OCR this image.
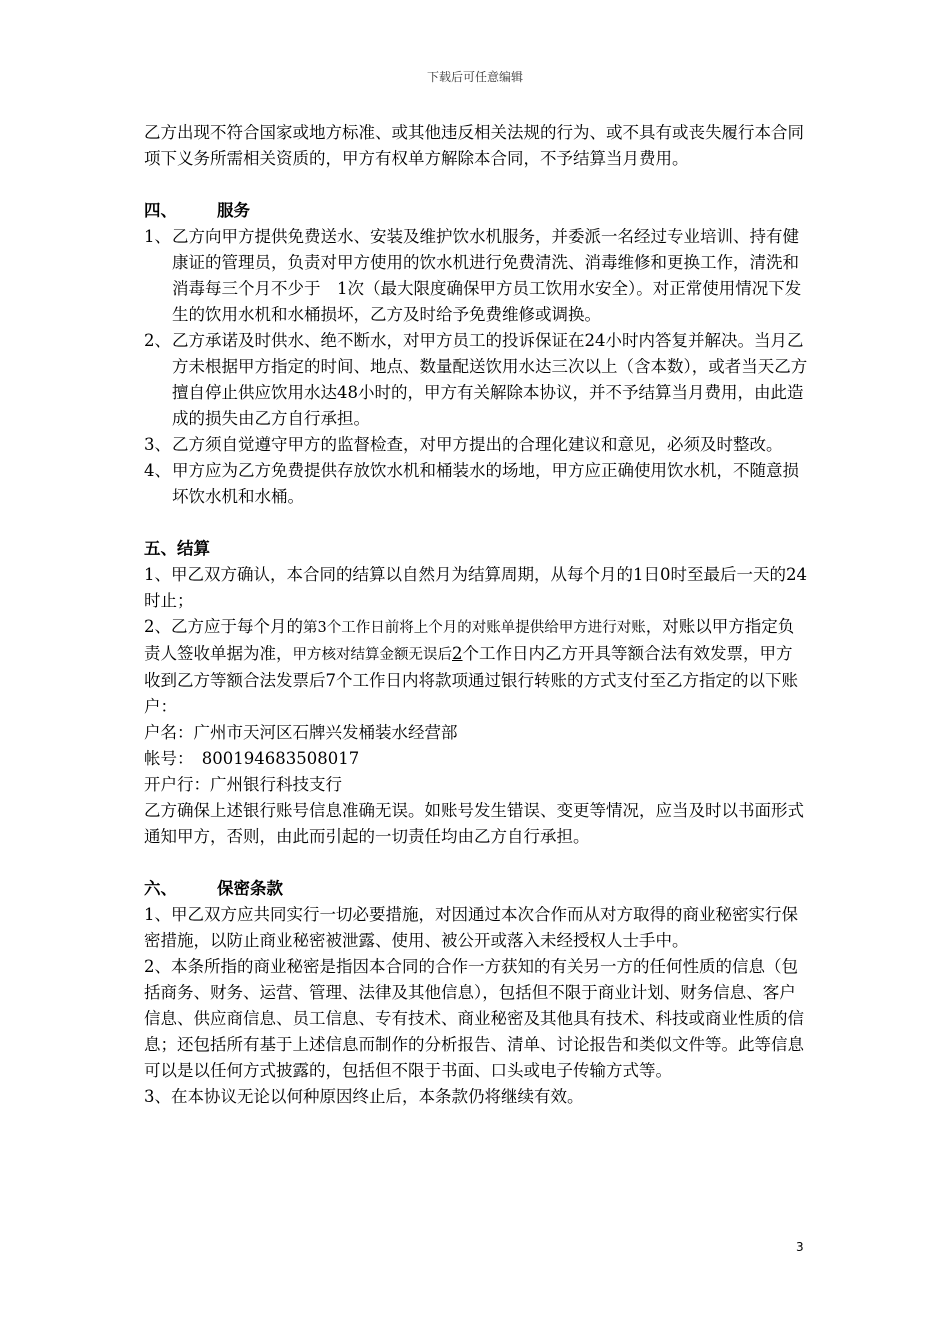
下载后可任意编辑

乙方出现不符合国家或地方标准、或其他违反相关法规的行为、或不具有或丧失履行本合同项下义务所需相关资质的，甲方有权单方解除本合同，不予结算当月费用。

四、 服务

1、乙方向甲方提供免费送水、安装及维护饮水机服务，并委派一名经过专业培训、持有健康证的管理员，负责对甲方使用的饮水机进行免费清洗、消毒维修和更换工作，清洗和消毒每三个月不少于　1次（最大限度确保甲方员工饮用水安全）。对正常使用情况下发生的饮用水机和水桶损坏，乙方及时给予免费维修或调换。

2、乙方承诺及时供水、绝不断水，对甲方员工的投诉保证在24小时内答复并解决。当月乙方未根据甲方指定的时间、地点、数量配送饮用水达三次以上（含本数），或者当天乙方擅自停止供应饮用水达48小时的，甲方有关解除本协议，并不予结算当月费用，由此造成的损失由乙方自行承担。

3、乙方须自觉遵守甲方的监督检查，对甲方提出的合理化建议和意见，必须及时整改。

4、甲方应为乙方免费提供存放饮水机和桶装水的场地，甲方应正确使用饮水机，不随意损坏饮水机和水桶。

五、结算

1、甲乙双方确认，本合同的结算以自然月为结算周期，从每个月的1日0时至最后一天的24时止；

2、乙方应于每个月的第3个工作日前将上个月的对账单提供给甲方进行对账，对账以甲方指定负责人签收单据为准，甲方核对结算金额无误后2个工作日内乙方开具等额合法有效发票，甲方收到乙方等额合法发票后7个工作日内将款项通过银行转账的方式支付至乙方指定的以下账户：

户名：广州市天河区石牌兴发桶装水经营部

帐号：　800194683508017

开户行：广州银行科技支行

乙方确保上述银行账号信息准确无误。如账号发生错误、变更等情况，应当及时以书面形式通知甲方，否则，由此而引起的一切责任均由乙方自行承担。

六、 保密条款

1、甲乙双方应共同实行一切必要措施，对因通过本次合作而从对方取得的商业秘密实行保密措施，以防止商业秘密被泄露、使用、被公开或落入未经授权人士手中。

2、本条所指的商业秘密是指因本合同的合作一方获知的有关另一方的任何性质的信息（包括商务、财务、运营、管理、法律及其他信息），包括但不限于商业计划、财务信息、客户信息、供应商信息、员工信息、专有技术、商业秘密及其他具有技术、科技或商业性质的信息；还包括所有基于上述信息而制作的分析报告、清单、讨论报告和类似文件等。此等信息可以是以任何方式披露的，包括但不限于书面、口头或电子传输方式等。

3、在本协议无论以何种原因终止后，本条款仍将继续有效。

3
